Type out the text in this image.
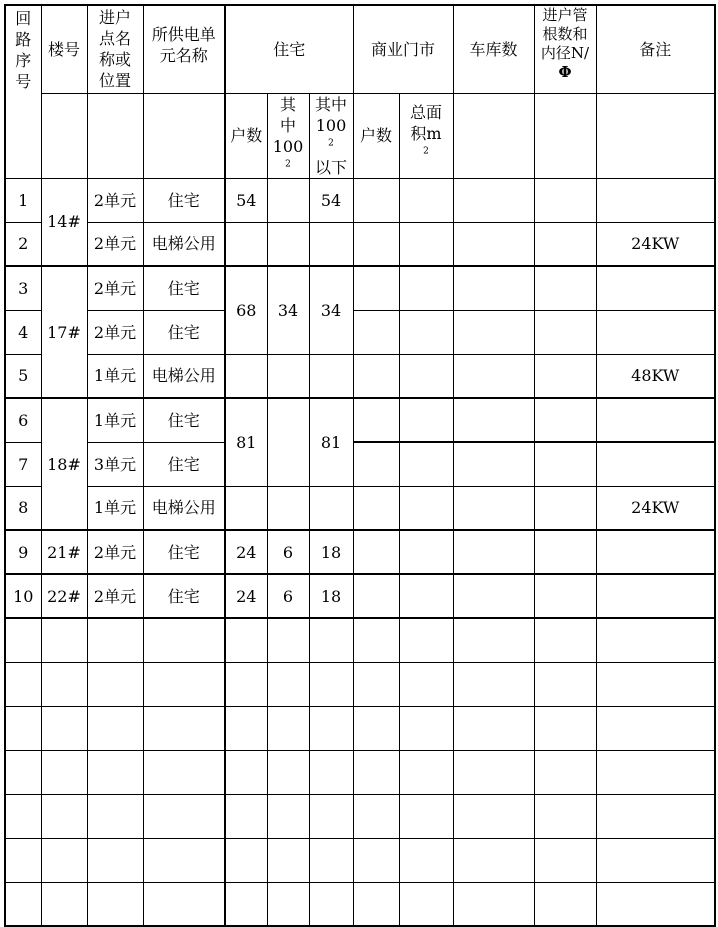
回
路
序
号	楼号	进户
点名
称或
位置	所供电单
元名称	住宅			商业门市		车库数	进户管
根数和
内径N/
Φ	备注
				户数	其
中
100
$^2$	其中
100
$^2$
以下	户数	总面
积m
$^2$

1	14#	2单元	住宅	54		54					
2		2单元	电梯公用								24KW
3	17#	2单元	住宅	68	34	34					
4		2单元	住宅								
5		1单元	电梯公用								48KW
6	18#	1单元	住宅	81		81					
7		3单元	住宅								
8		1单元	电梯公用								24KW
9	21#	2单元	住宅	24	6	18					
10	22#	2单元	住宅	24	6	18					
